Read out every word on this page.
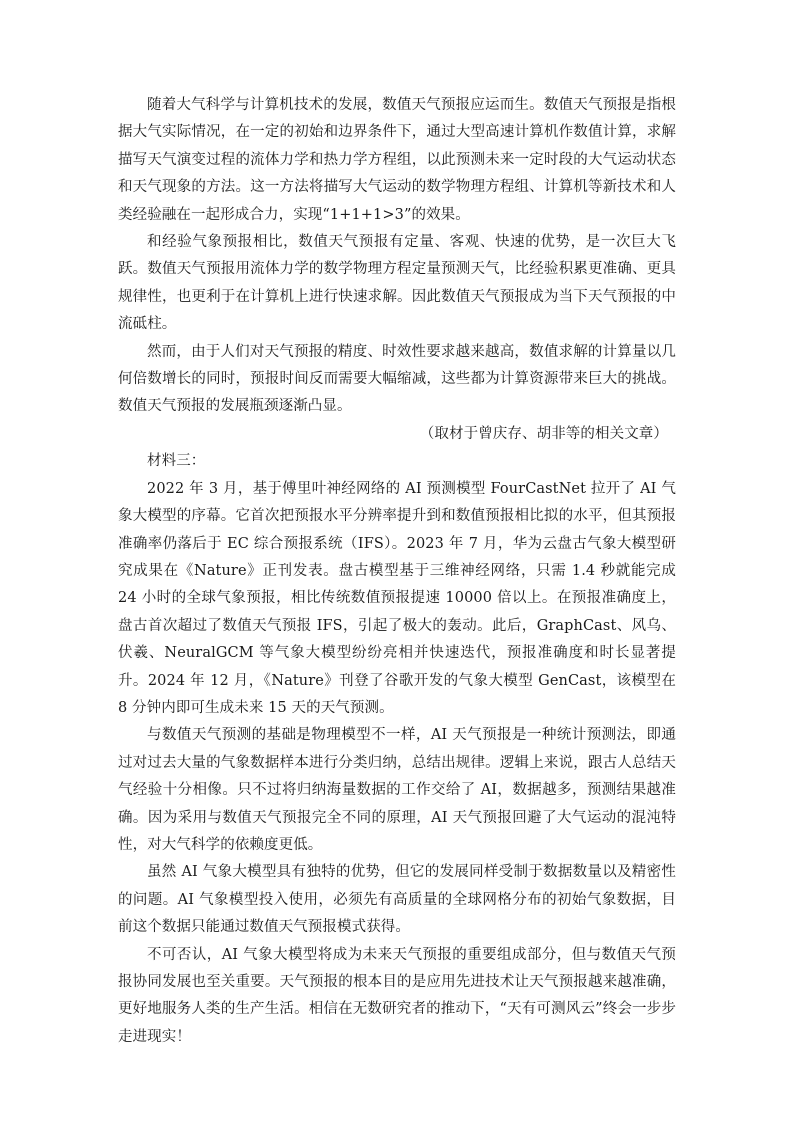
随着大气科学与计算机技术的发展，数值天气预报应运而生。数值天气预报是指根据大气实际情况，在一定的初始和边界条件下，通过大型高速计算机作数值计算，求解描写天气演变过程的流体力学和热力学方程组，以此预测未来一定时段的大气运动状态和天气现象的方法。这一方法将描写大气运动的数学物理方程组、计算机等新技术和人类经验融在一起形成合力，实现“1+1+1>3”的效果。

和经验气象预报相比，数值天气预报有定量、客观、快速的优势，是一次巨大飞跃。数值天气预报用流体力学的数学物理方程定量预测天气，比经验积累更准确、更具规律性，也更利于在计算机上进行快速求解。因此数值天气预报成为当下天气预报的中流砥柱。

然而，由于人们对天气预报的精度、时效性要求越来越高，数值求解的计算量以几何倍数增长的同时，预报时间反而需要大幅缩减，这些都为计算资源带来巨大的挑战。数值天气预报的发展瓶颈逐渐凸显。

（取材于曾庆存、胡非等的相关文章）

材料三：

2022 年 3 月，基于傅里叶神经网络的 AI 预测模型 FourCastNet 拉开了 AI 气象大模型的序幕。它首次把预报水平分辨率提升到和数值预报相比拟的水平，但其预报准确率仍落后于 EC 综合预报系统（IFS）。2023 年 7 月，华为云盘古气象大模型研究成果在《Nature》正刊发表。盘古模型基于三维神经网络，只需 1.4 秒就能完成 24 小时的全球气象预报，相比传统数值预报提速 10000 倍以上。在预报准确度上，盘古首次超过了数值天气预报 IFS，引起了极大的轰动。此后，GraphCast、风乌、伏羲、NeuralGCM 等气象大模型纷纷亮相并快速迭代，预报准确度和时长显著提升。2024 年 12 月，《Nature》刊登了谷歌开发的气象大模型 GenCast，该模型在 8 分钟内即可生成未来 15 天的天气预测。

与数值天气预测的基础是物理模型不一样，AI 天气预报是一种统计预测法，即通过对过去大量的气象数据样本进行分类归纳，总结出规律。逻辑上来说，跟古人总结天气经验十分相像。只不过将归纳海量数据的工作交给了 AI，数据越多，预测结果越准确。因为采用与数值天气预报完全不同的原理，AI 天气预报回避了大气运动的混沌特性，对大气科学的依赖度更低。

虽然 AI 气象大模型具有独特的优势，但它的发展同样受制于数据数量以及精密性的问题。AI 气象模型投入使用，必须先有高质量的全球网格分布的初始气象数据，目前这个数据只能通过数值天气预报模式获得。

不可否认，AI 气象大模型将成为未来天气预报的重要组成部分，但与数值天气预报协同发展也至关重要。天气预报的根本目的是应用先进技术让天气预报越来越准确，更好地服务人类的生产生活。相信在无数研究者的推动下，“天有可测风云”终会一步步走进现实！
